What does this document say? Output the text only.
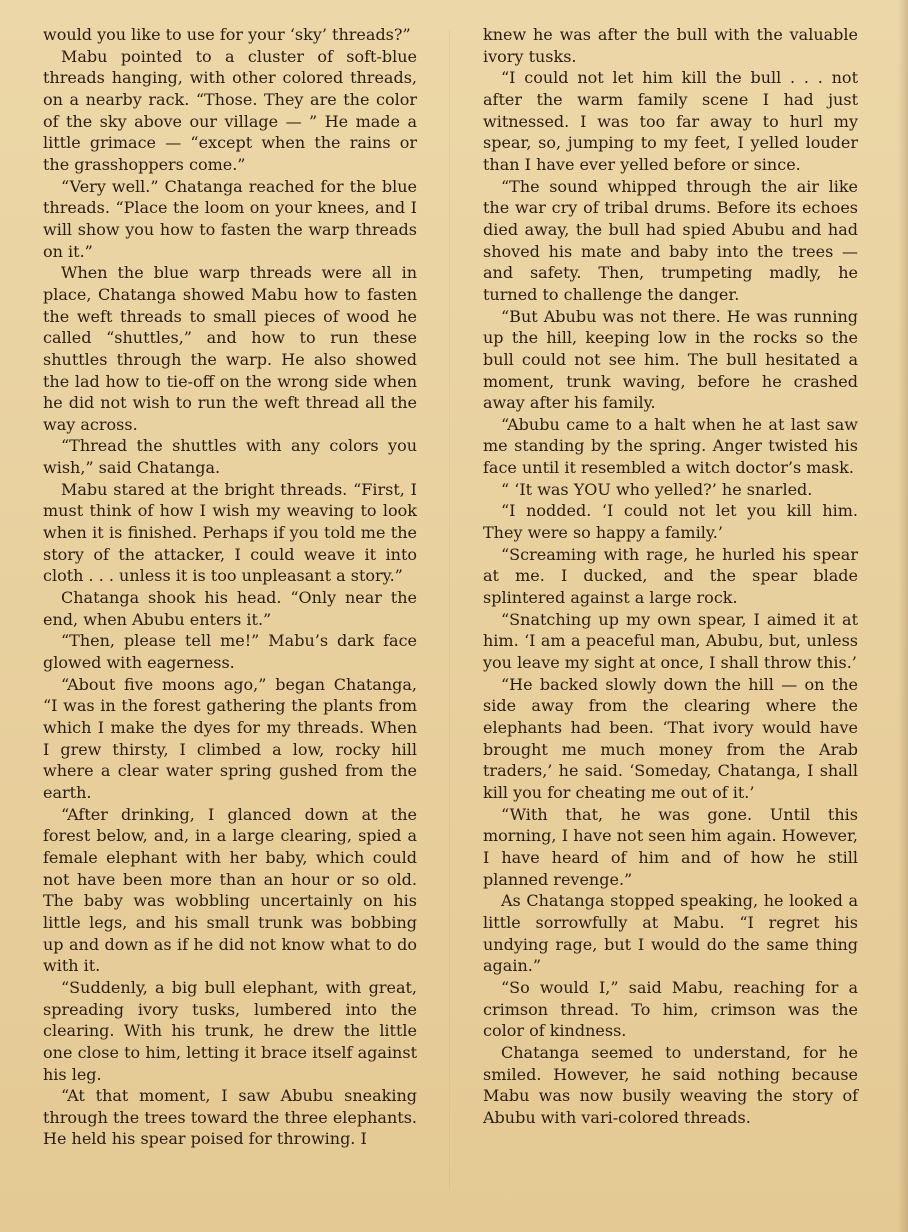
would you like to use for your ‘sky’ threads?”

Mabu pointed to a cluster of soft-blue threads hanging, with other colored threads, on a nearby rack. “Those. They are the color of the sky above our village — ” He made a little grimace — “except when the rains or the grasshoppers come.”

“Very well.” Chatanga reached for the blue threads. “Place the loom on your knees, and I will show you how to fasten the warp threads on it.”

When the blue warp threads were all in place, Chatanga showed Mabu how to fasten the weft threads to small pieces of wood he called “shuttles,” and how to run these shuttles through the warp. He also showed the lad how to tie-off on the wrong side when he did not wish to run the weft thread all the way across.

“Thread the shuttles with any colors you wish,” said Chatanga.

Mabu stared at the bright threads. “First, I must think of how I wish my weaving to look when it is finished. Perhaps if you told me the story of the attacker, I could weave it into cloth . . . unless it is too unpleasant a story.”

Chatanga shook his head. “Only near the end, when Abubu enters it.”

“Then, please tell me!” Mabu’s dark face glowed with eagerness.

“About five moons ago,” began Chatanga, “I was in the forest gathering the plants from which I make the dyes for my threads. When I grew thirsty, I climbed a low, rocky hill where a clear water spring gushed from the earth.

“After drinking, I glanced down at the forest below, and, in a large clearing, spied a female elephant with her baby, which could not have been more than an hour or so old. The baby was wobbling uncertainly on his little legs, and his small trunk was bobbing up and down as if he did not know what to do with it.

“Suddenly, a big bull elephant, with great, spreading ivory tusks, lumbered into the clearing. With his trunk, he drew the little one close to him, letting it brace itself against his leg.

“At that moment, I saw Abubu sneaking through the trees toward the three elephants. He held his spear poised for throwing. I

knew he was after the bull with the valuable ivory tusks.

“I could not let him kill the bull . . . not after the warm family scene I had just witnessed. I was too far away to hurl my spear, so, jumping to my feet, I yelled louder than I have ever yelled before or since.

“The sound whipped through the air like the war cry of tribal drums. Before its echoes died away, the bull had spied Abubu and had shoved his mate and baby into the trees — and safety. Then, trumpeting madly, he turned to challenge the danger.

“But Abubu was not there. He was running up the hill, keeping low in the rocks so the bull could not see him. The bull hesitated a moment, trunk waving, before he crashed away after his family.

“Abubu came to a halt when he at last saw me standing by the spring. Anger twisted his face until it resembled a witch doctor’s mask.

“ ‘It was YOU who yelled?’ he snarled.

“I nodded. ‘I could not let you kill him. They were so happy a family.’

“Screaming with rage, he hurled his spear at me. I ducked, and the spear blade splintered against a large rock.

“Snatching up my own spear, I aimed it at him. ‘I am a peaceful man, Abubu, but, unless you leave my sight at once, I shall throw this.’

“He backed slowly down the hill — on the side away from the clearing where the elephants had been. ‘That ivory would have brought me much money from the Arab traders,’ he said. ‘Someday, Chatanga, I shall kill you for cheating me out of it.’

“With that, he was gone. Until this morning, I have not seen him again. However, I have heard of him and of how he still planned revenge.”

As Chatanga stopped speaking, he looked a little sorrowfully at Mabu. “I regret his undying rage, but I would do the same thing again.”

“So would I,” said Mabu, reaching for a crimson thread. To him, crimson was the color of kindness.

Chatanga seemed to understand, for he smiled. However, he said nothing because Mabu was now busily weaving the story of Abubu with vari-colored threads.
